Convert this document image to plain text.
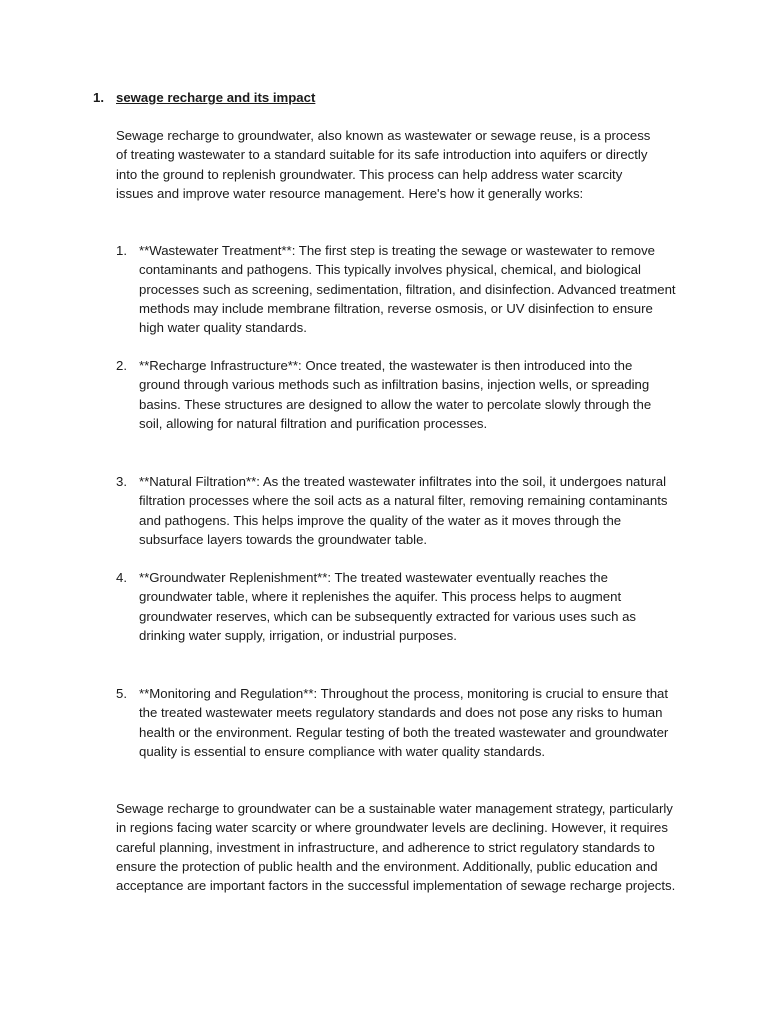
1. sewage recharge and its impact
Sewage recharge to groundwater, also known as wastewater or sewage reuse, is a process of treating wastewater to a standard suitable for its safe introduction into aquifers or directly into the ground to replenish groundwater. This process can help address water scarcity issues and improve water resource management. Here's how it generally works:
1. **Wastewater Treatment**: The first step is treating the sewage or wastewater to remove contaminants and pathogens. This typically involves physical, chemical, and biological processes such as screening, sedimentation, filtration, and disinfection. Advanced treatment methods may include membrane filtration, reverse osmosis, or UV disinfection to ensure high water quality standards.
2. **Recharge Infrastructure**: Once treated, the wastewater is then introduced into the ground through various methods such as infiltration basins, injection wells, or spreading basins. These structures are designed to allow the water to percolate slowly through the soil, allowing for natural filtration and purification processes.
3. **Natural Filtration**: As the treated wastewater infiltrates into the soil, it undergoes natural filtration processes where the soil acts as a natural filter, removing remaining contaminants and pathogens. This helps improve the quality of the water as it moves through the subsurface layers towards the groundwater table.
4. **Groundwater Replenishment**: The treated wastewater eventually reaches the groundwater table, where it replenishes the aquifer. This process helps to augment groundwater reserves, which can be subsequently extracted for various uses such as drinking water supply, irrigation, or industrial purposes.
5. **Monitoring and Regulation**: Throughout the process, monitoring is crucial to ensure that the treated wastewater meets regulatory standards and does not pose any risks to human health or the environment. Regular testing of both the treated wastewater and groundwater quality is essential to ensure compliance with water quality standards.
Sewage recharge to groundwater can be a sustainable water management strategy, particularly in regions facing water scarcity or where groundwater levels are declining. However, it requires careful planning, investment in infrastructure, and adherence to strict regulatory standards to ensure the protection of public health and the environment. Additionally, public education and acceptance are important factors in the successful implementation of sewage recharge projects.
